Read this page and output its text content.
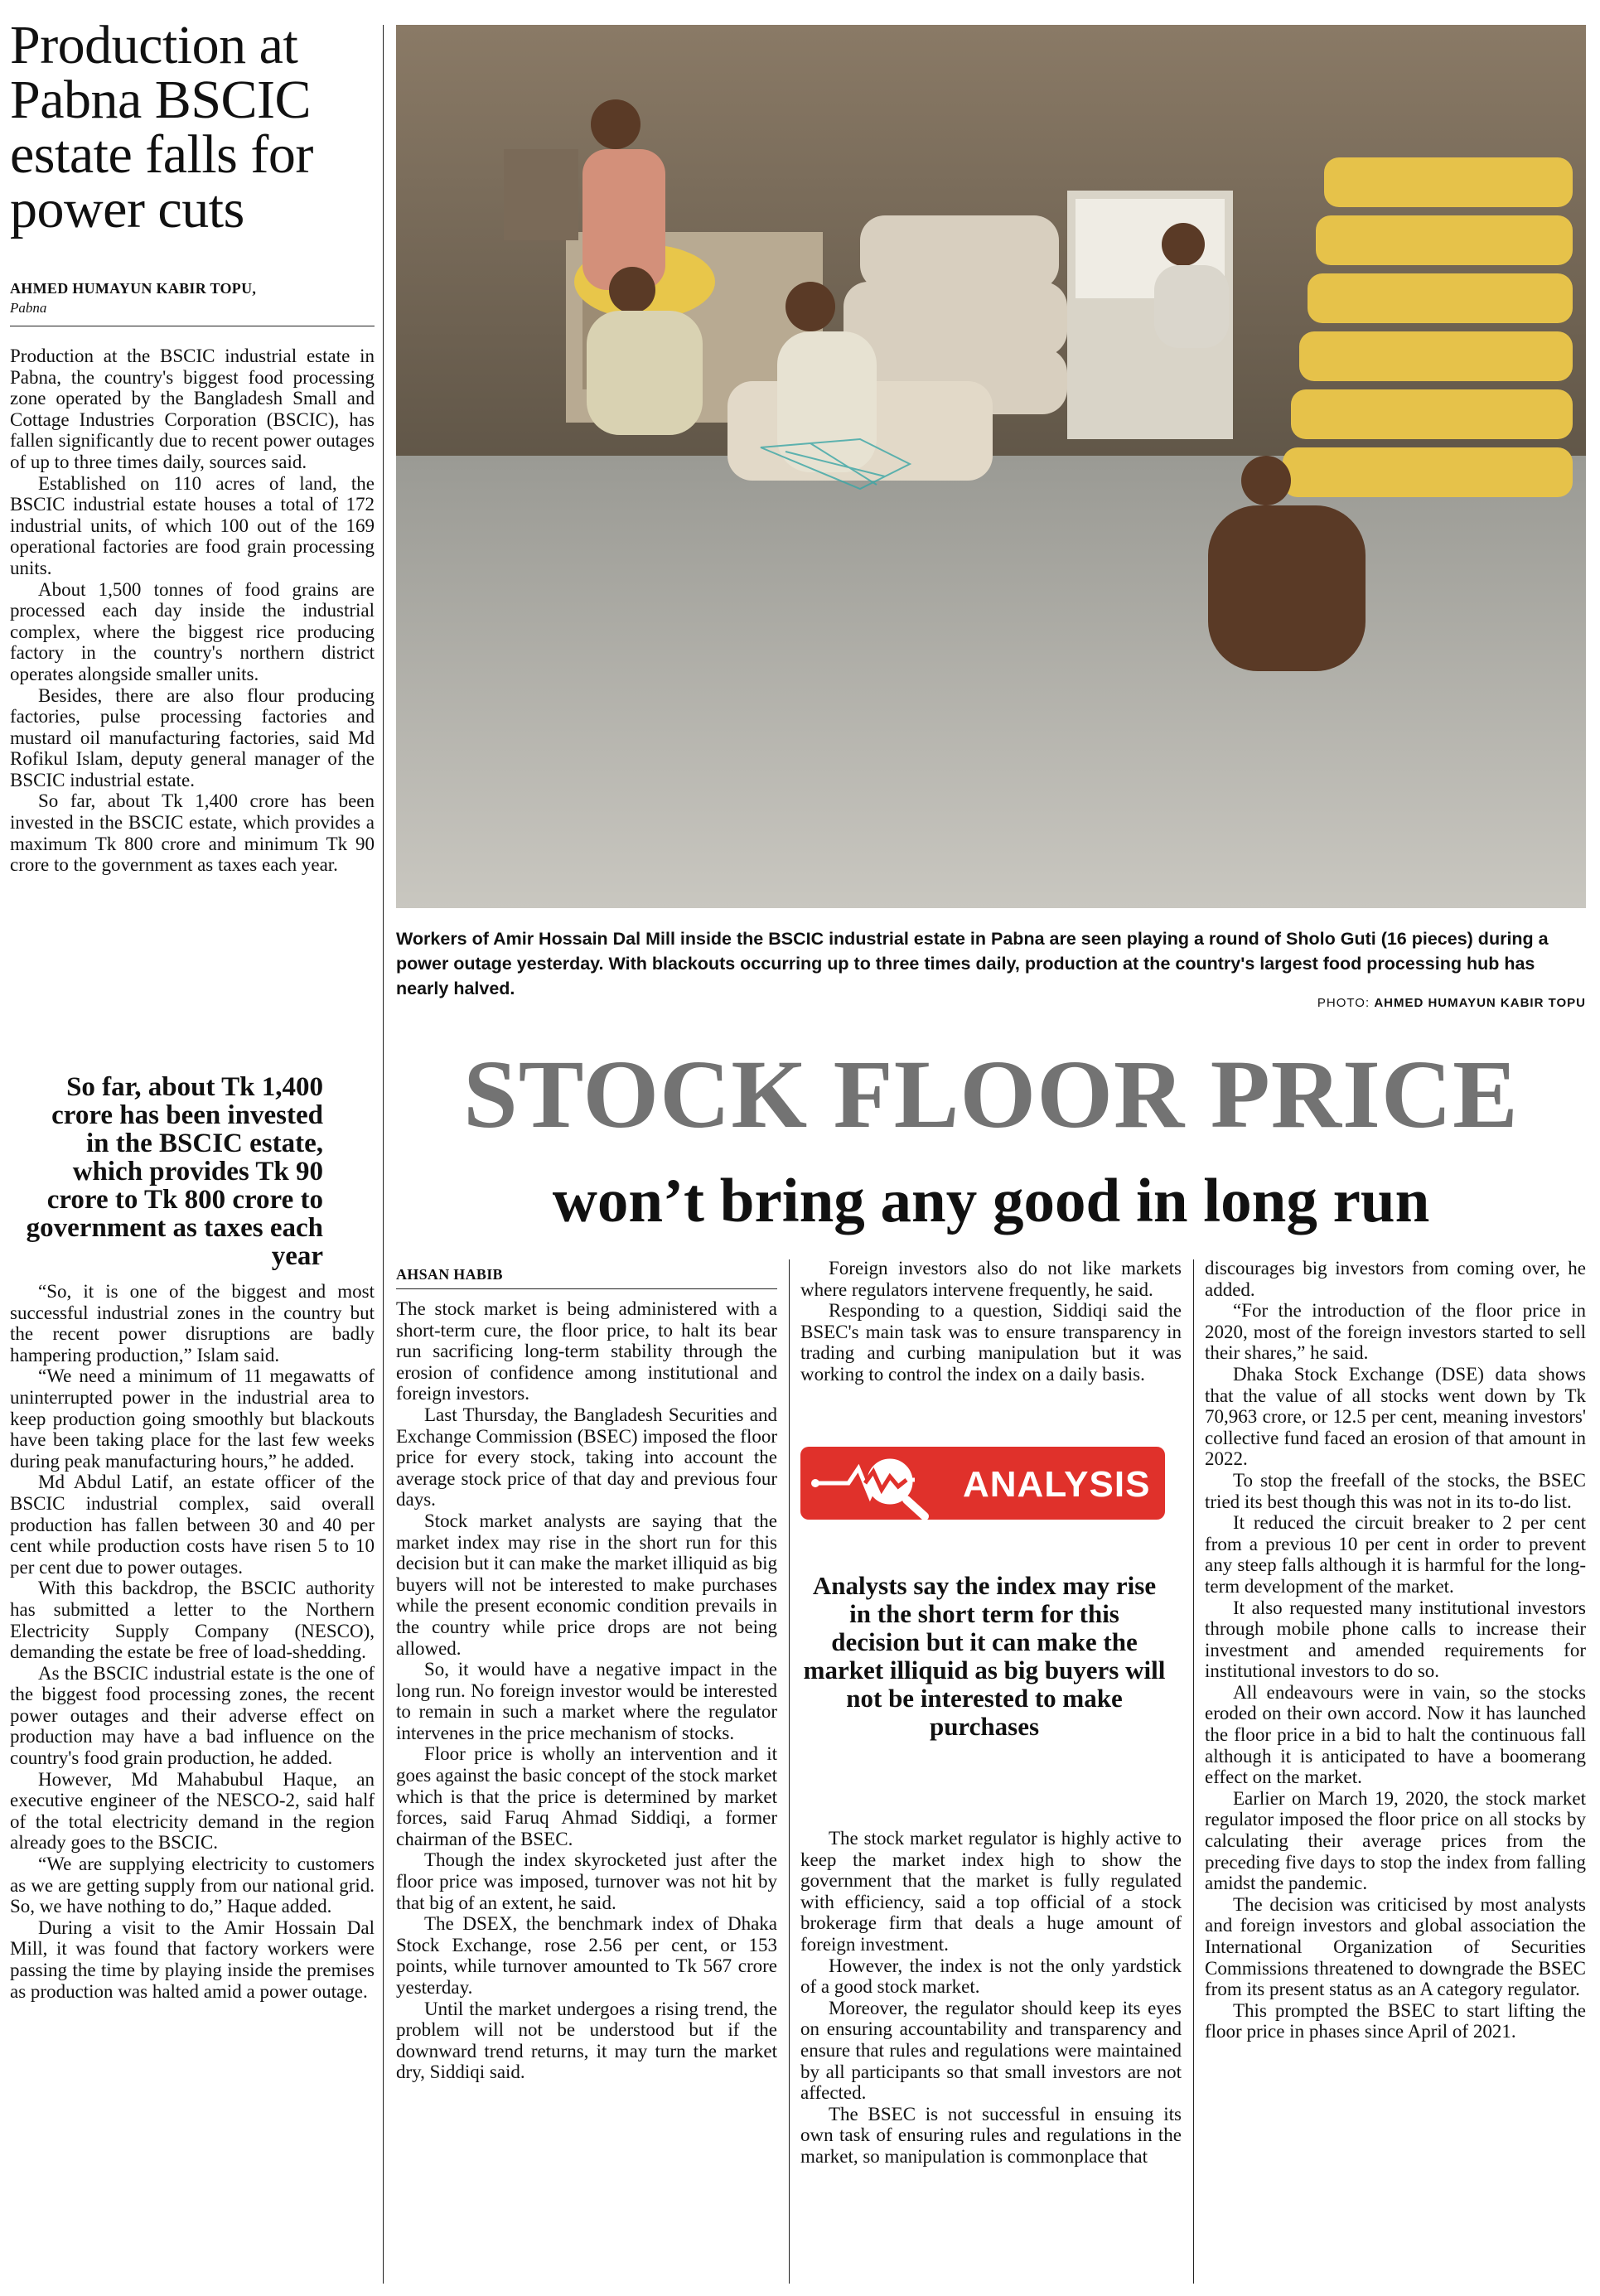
Production at Pabna BSCIC estate falls for power cuts
AHMED HUMAYUN KABIR TOPU,
Pabna

Production at the BSCIC industrial estate in Pabna, the country's biggest food processing zone operated by the Bangladesh Small and Cottage Industries Corporation (BSCIC), has fallen significantly due to recent power outages of up to three times daily, sources said.

Established on 110 acres of land, the BSCIC industrial estate houses a total of 172 industrial units, of which 100 out of the 169 operational factories are food grain processing units.

About 1,500 tonnes of food grains are processed each day inside the industrial complex, where the biggest rice producing factory in the country's northern district operates alongside smaller units.

Besides, there are also flour producing factories, pulse processing factories and mustard oil manufacturing factories, said Md Rofikul Islam, deputy general manager of the BSCIC industrial estate.

So far, about Tk 1,400 crore has been invested in the BSCIC estate, which provides a maximum Tk 800 crore and minimum Tk 90 crore to the government as taxes each year.

So far, about Tk 1,400 crore has been invested in the BSCIC estate, which provides Tk 90 crore to Tk 800 crore to government as taxes each year

“So, it is one of the biggest and most successful industrial zones in the country but the recent power disruptions are badly hampering production,” Islam said.

“We need a minimum of 11 megawatts of uninterrupted power in the industrial area to keep production going smoothly but blackouts have been taking place for the last few weeks during peak manufacturing hours,” he added.

Md Abdul Latif, an estate officer of the BSCIC industrial complex, said overall production has fallen between 30 and 40 per cent while production costs have risen 5 to 10 per cent due to power outages.

With this backdrop, the BSCIC authority has submitted a letter to the Northern Electricity Supply Company (NESCO), demanding the estate be free of load-shedding.

As the BSCIC industrial estate is the one of the biggest food processing zones, the recent power outages and their adverse effect on production may have a bad influence on the country's food grain production, he added.

However, Md Mahabubul Haque, an executive engineer of the NESCO-2, said half of the total electricity demand in the region already goes to the BSCIC.

“We are supplying electricity to customers as we are getting supply from our national grid. So, we have nothing to do,” Haque added.

During a visit to the Amir Hossain Dal Mill, it was found that factory workers were passing the time by playing inside the premises as production was halted amid a power outage.

Workers of Amir Hossain Dal Mill inside the BSCIC industrial estate in Pabna are seen playing a round of Sholo Guti (16 pieces) during a power outage yesterday. With blackouts occurring up to three times daily, production at the country's largest food processing hub has nearly halved.
PHOTO: AHMED HUMAYUN KABIR TOPU
STOCK FLOOR PRICE
won’t bring any good in long run
AHSAN HABIB

The stock market is being administered with a short-term cure, the floor price, to halt its bear run sacrificing long-term stability through the erosion of confidence among institutional and foreign investors.

Last Thursday, the Bangladesh Securities and Exchange Commission (BSEC) imposed the floor price for every stock, taking into account the average stock price of that day and previous four days.

Stock market analysts are saying that the market index may rise in the short run for this decision but it can make the market illiquid as big buyers will not be interested to make purchases while the present economic condition prevails in the country while price drops are not being allowed.

So, it would have a negative impact in the long run. No foreign investor would be interested to remain in such a market where the regulator intervenes in the price mechanism of stocks.

Floor price is wholly an intervention and it goes against the basic concept of the stock market which is that the price is determined by market forces, said Faruq Ahmad Siddiqi, a former chairman of the BSEC.

Though the index skyrocketed just after the floor price was imposed, turnover was not hit by that big of an extent, he said.

The DSEX, the benchmark index of Dhaka Stock Exchange, rose 2.56 per cent, or 153 points, while turnover amounted to Tk 567 crore yesterday.

Until the market undergoes a rising trend, the problem will not be understood but if the downward trend returns, it may turn the market dry, Siddiqi said.

Foreign investors also do not like markets where regulators intervene frequently, he said.

Responding to a question, Siddiqi said the BSEC's main task was to ensure transparency in trading and curbing manipulation but it was working to control the index on a daily basis.

ANALYSIS
Analysts say the index may rise in the short term for this decision but it can make the market illiquid as big buyers will not be interested to make purchases

The stock market regulator is highly active to keep the market index high to show the government that the market is fully regulated with efficiency, said a top official of a stock brokerage firm that deals a huge amount of foreign investment.

However, the index is not the only yardstick of a good stock market.

Moreover, the regulator should keep its eyes on ensuring accountability and transparency and ensure that rules and regulations were maintained by all participants so that small investors are not affected.

The BSEC is not successful in ensuing its own task of ensuring rules and regulations in the market, so manipulation is commonplace that

discourages big investors from coming over, he added.

“For the introduction of the floor price in 2020, most of the foreign investors started to sell their shares,” he said.

Dhaka Stock Exchange (DSE) data shows that the value of all stocks went down by Tk 70,963 crore, or 12.5 per cent, meaning investors' collective fund faced an erosion of that amount in 2022.

To stop the freefall of the stocks, the BSEC tried its best though this was not in its to-do list.

It reduced the circuit breaker to 2 per cent from a previous 10 per cent in order to prevent any steep falls although it is harmful for the long-term development of the market.

It also requested many institutional investors through mobile phone calls to increase their investment and amended requirements for institutional investors to do so.

All endeavours were in vain, so the stocks eroded on their own accord. Now it has launched the floor price in a bid to halt the continuous fall although it is anticipated to have a boomerang effect on the market.

Earlier on March 19, 2020, the stock market regulator imposed the floor price on all stocks by calculating their average prices from the preceding five days to stop the index from falling amidst the pandemic.

The decision was criticised by most analysts and foreign investors and global association the International Organization of Securities Commissions threatened to downgrade the BSEC from its present status as an A category regulator.

This prompted the BSEC to start lifting the floor price in phases since April of 2021.
